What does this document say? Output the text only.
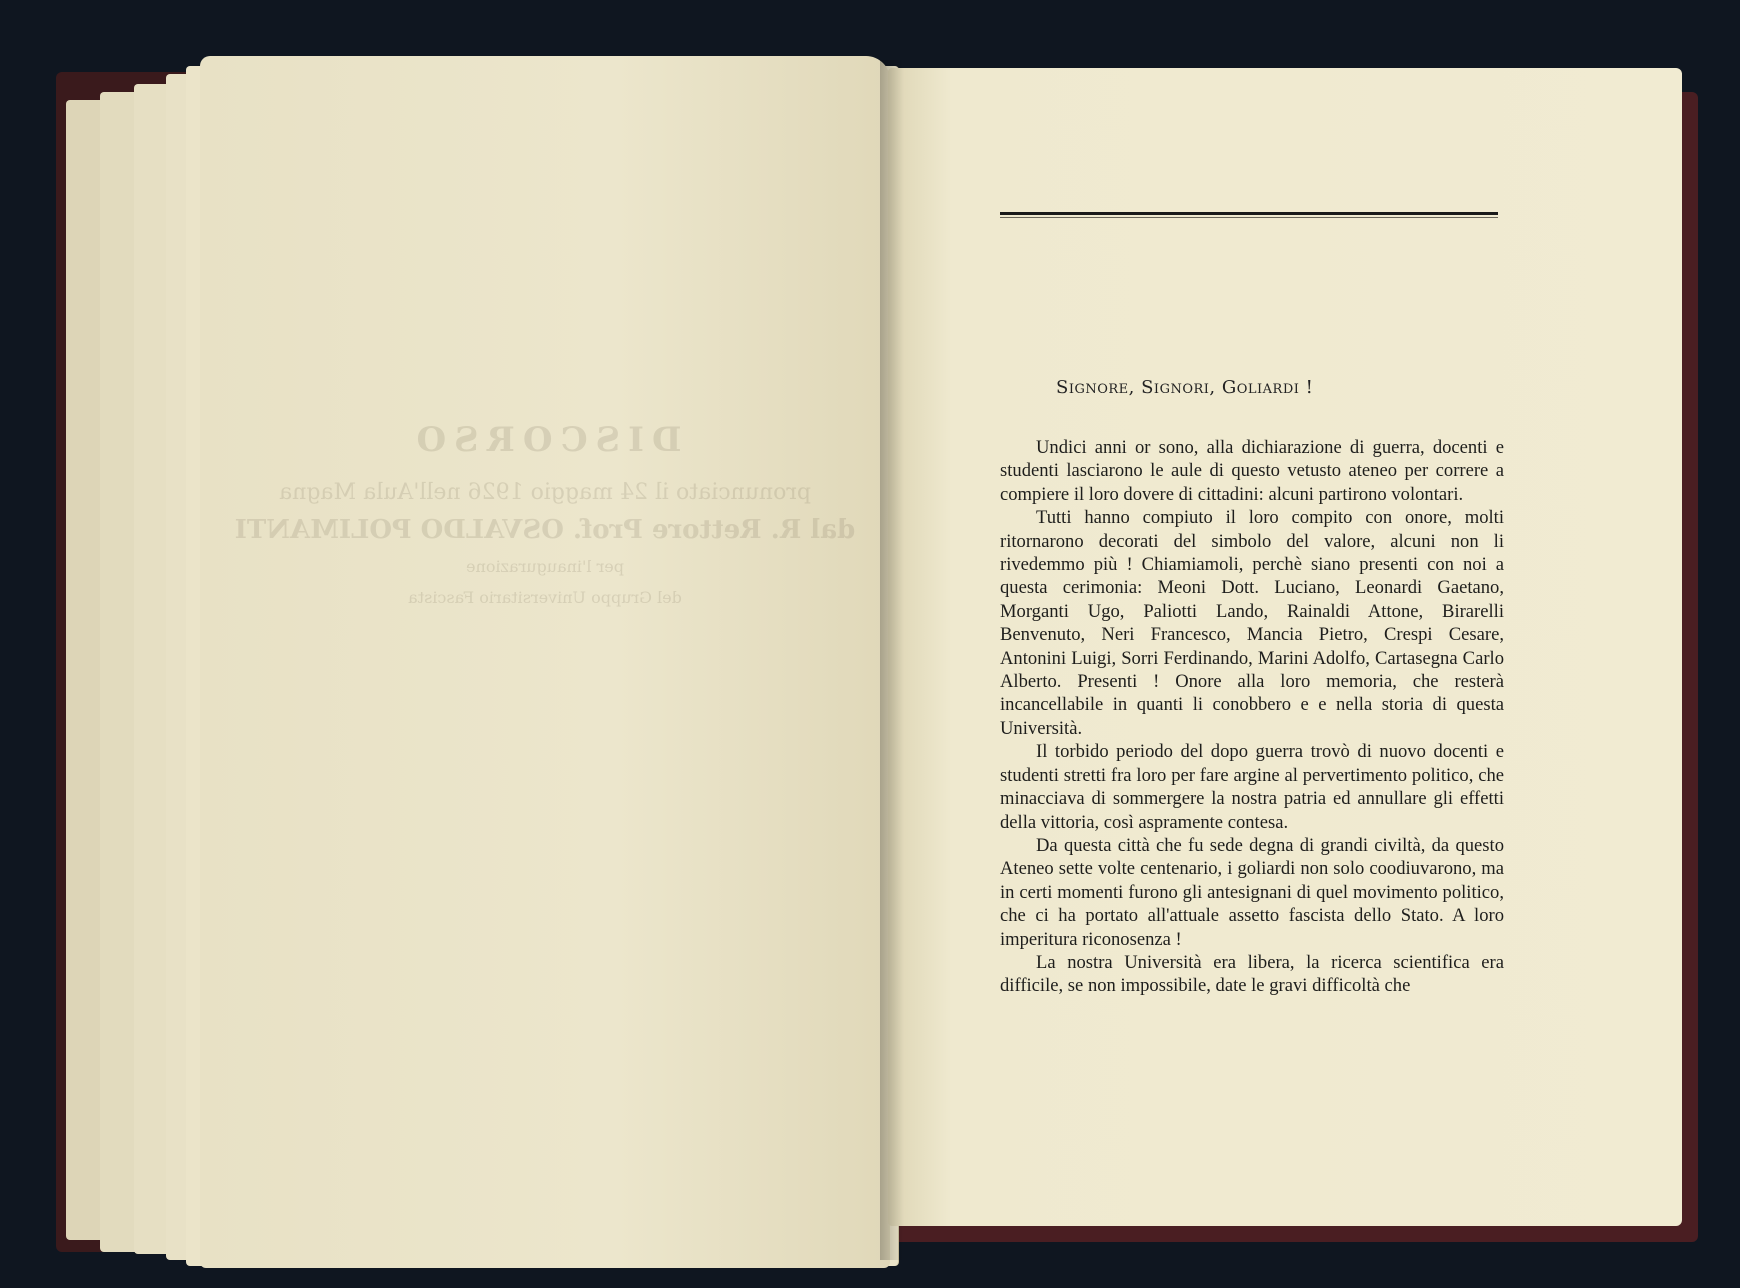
DISCORSO
pronunciato il 24 maggio 1926 nell'Aula Magna
dal R. Rettore Prof. OSVALDO POLIMANTI
per l'inaugurazione
del Gruppo Universitario Fascista
Signore, Signori, Goliardi !

Undici anni or sono, alla dichiarazione di guerra, docenti e studenti lasciarono le aule di questo vetusto ateneo per correre a compiere il loro dovere di cittadini: alcuni partirono volontari.

Tutti hanno compiuto il loro compito con onore, molti ritornarono decorati del simbolo del valore, alcuni non li rivedemmo più ! Chiamiamoli, perchè siano presenti con noi a questa cerimonia: Meoni Dott. Luciano, Leonardi Gaetano, Morganti Ugo, Paliotti Lando, Rainaldi Attone, Birarelli Benvenuto, Neri Francesco, Mancia Pietro, Crespi Cesare, Antonini Luigi, Sorri Ferdinando, Marini Adolfo, Cartasegna Carlo Alberto. Presenti ! Onore alla loro memoria, che resterà incancellabile in quanti li conobbero e e nella storia di questa Università.

Il torbido periodo del dopo guerra trovò di nuovo docenti e studenti stretti fra loro per fare argine al pervertimento politico, che minacciava di sommergere la nostra patria ed annullare gli effetti della vittoria, così aspramente contesa.

Da questa città che fu sede degna di grandi civiltà, da questo Ateneo sette volte centenario, i goliardi non solo coodiuvarono, ma in certi momenti furono gli antesignani di quel movimento politico, che ci ha portato all'attuale assetto fascista dello Stato. A loro imperitura riconosenza !

La nostra Università era libera, la ricerca scientifica era difficile, se non impossibile, date le gravi difficoltà che
